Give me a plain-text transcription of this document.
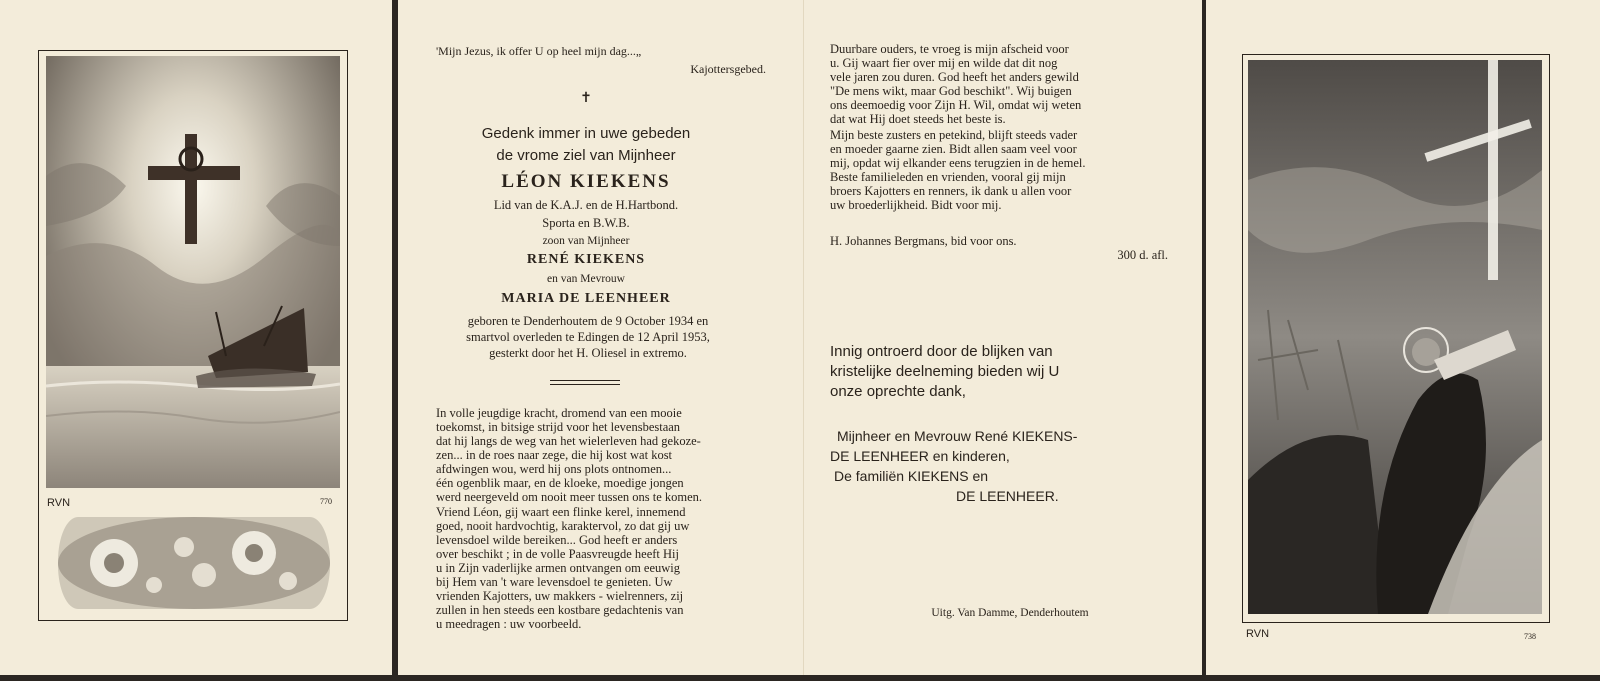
RVN	770
'Mijn Jezus, ik offer U op heel mijn dag...„
Kajottersgebed.
✝
Gedenk immer in uwe gebeden
de vrome ziel van Mijnheer
LÉON KIEKENS
Lid van de K.A.J. en de H.Hartbond.
Sporta en B.W.B.
zoon van Mijnheer
RENÉ KIEKENS
en van Mevrouw
MARIA DE LEENHEER
geboren te Denderhoutem de 9 October 1934 en
smartvol overleden te Edingen de 12 April 1953,
gesterkt door het H. Oliesel in extremo.
In volle jeugdige kracht, dromend van een mooie
toekomst, in bitsige strijd voor het levensbestaan
dat hij langs de weg van het wielerleven had gekoze-
zen... in de roes naar zege, die hij kost wat kost
afdwingen wou, werd hij ons plots ontnomen...
één ogenblik maar, en de kloeke, moedige jongen
werd neergeveld om nooit meer tussen ons te komen.
Vriend Léon, gij waart een flinke kerel, innemend
goed, nooit hardvochtig, karaktervol, zo dat gij uw
levensdoel wilde bereiken... God heeft er anders
over beschikt ; in de volle Paasvreugde heeft Hij
u in Zijn vaderlijke armen ontvangen om eeuwig
bij Hem van 't ware levensdoel te genieten. Uw
vrienden Kajotters, uw makkers - wielrenners, zij
zullen in hen steeds een kostbare gedachtenis van
u meedragen : uw voorbeeld.
Duurbare ouders, te vroeg is mijn afscheid voor
u. Gij waart fier over mij en wilde dat dit nog
vele jaren zou duren. God heeft het anders gewild
"De mens wikt, maar God beschikt". Wij buigen
ons deemoedig voor Zijn H. Wil, omdat wij weten
dat wat Hij doet steeds het beste is.
Mijn beste zusters en petekind, blijft steeds vader
en moeder gaarne zien. Bidt allen saam veel voor
mij, opdat wij elkander eens terugzien in de hemel.
Beste familieleden en vrienden, vooral gij mijn
broers Kajotters en renners, ik dank u allen voor
uw broederlijkheid. Bidt voor mij.
H. Johannes Bergmans, bid voor ons.
300 d. afl.
Innig ontroerd door de blijken van
kristelijke deelneming bieden wij U
onze oprechte dank,
Mijnheer en Mevrouw René KIEKENS-
DE LEENHEER en kinderen,
De familiën KIEKENS en
DE LEENHEER.
Uitg. Van Damme, Denderhoutem
RVN	738
